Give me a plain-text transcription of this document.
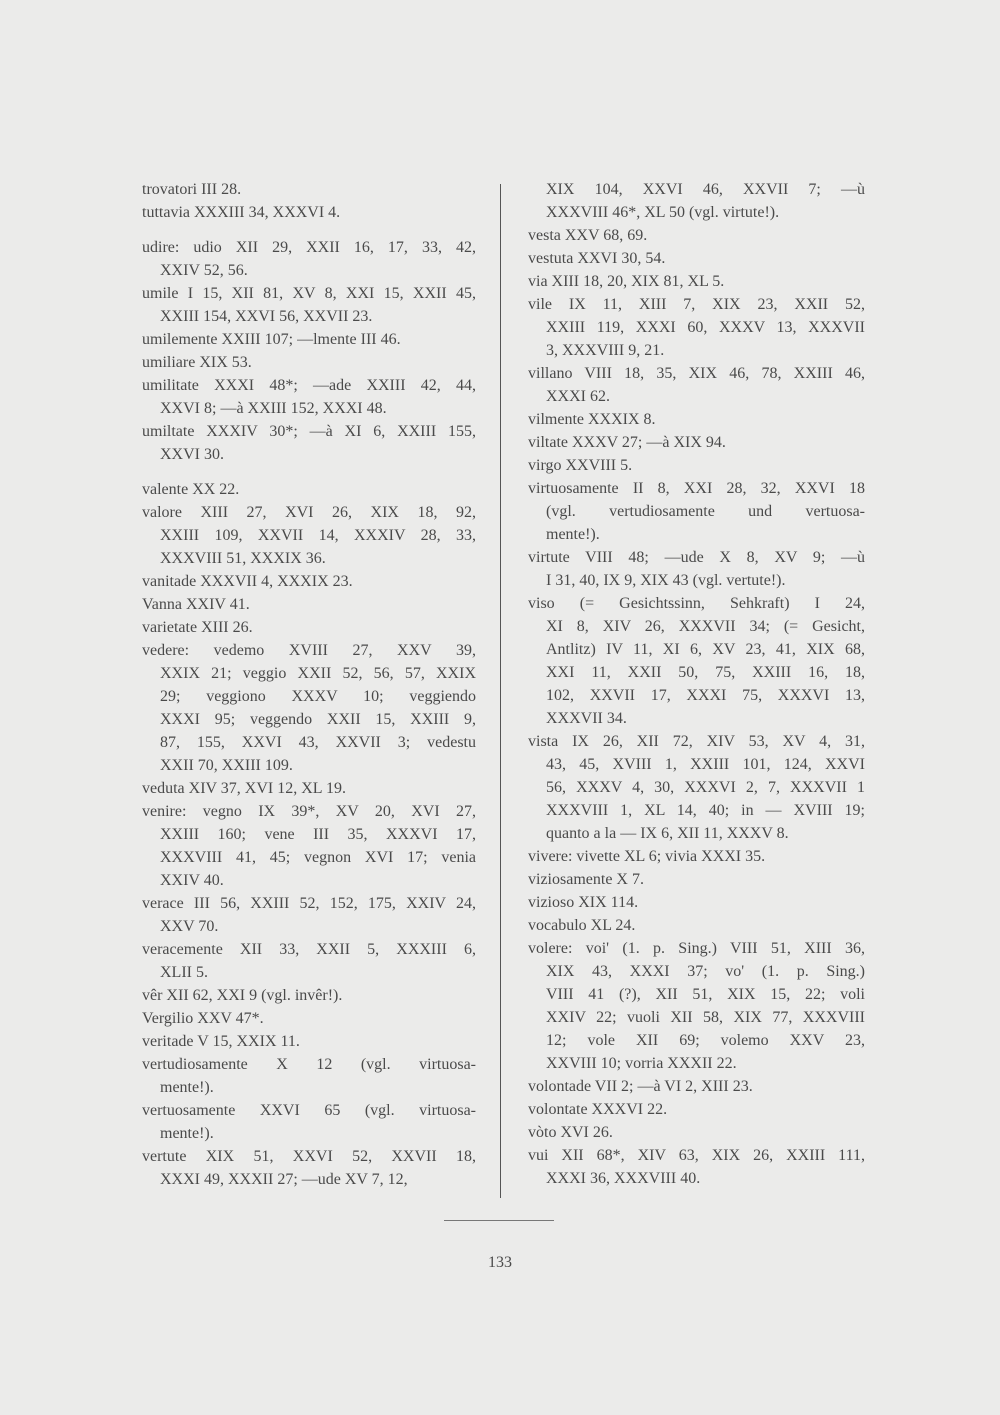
trovatori III 28.
tuttavia XXXIII 34, XXXVI 4.
udire: udio XII 29, XXII 16, 17, 33, 42,
XXIV 52, 56.
umile I 15, XII 81, XV 8, XXI 15, XXII 45,
XXIII 154, XXVI 56, XXVII 23.
umilemente XXIII 107; —lmente III 46.
umiliare XIX 53.
umilitate XXXI 48*; —ade XXIII 42, 44,
XXVI 8; —à XXIII 152, XXXI 48.
umiltate XXXIV 30*; —à XI 6, XXIII 155,
XXVI 30.
valente XX 22.
valore XIII 27, XVI 26, XIX 18, 92,
XXIII 109, XXVII 14, XXXIV 28, 33,
XXXVIII 51, XXXIX 36.
vanitade XXXVII 4, XXXIX 23.
Vanna XXIV 41.
varietate XIII 26.
vedere: vedemo XVIII 27, XXV 39,
XXIX 21; veggio XXII 52, 56, 57, XXIX
29; veggiono XXXV 10; veggiendo
XXXI 95; veggendo XXII 15, XXIII 9,
87, 155, XXVI 43, XXVII 3; vedestu
XXII 70, XXIII 109.
veduta XIV 37, XVI 12, XL 19.
venire: vegno IX 39*, XV 20, XVI 27,
XXIII 160; vene III 35, XXXVI 17,
XXXVIII 41, 45; vegnon XVI 17; venia
XXIV 40.
verace III 56, XXIII 52, 152, 175, XXIV 24,
XXV 70.
veracemente XII 33, XXII 5, XXXIII 6,
XLII 5.
vêr XII 62, XXI 9 (vgl. invêr!).
Vergilio XXV 47*.
veritade V 15, XXIX 11.
vertudiosamente X 12 (vgl. virtuosa-
mente!).
vertuosamente XXVI 65 (vgl. virtuosa-
mente!).
vertute XIX 51, XXVI 52, XXVII 18,
XXXI 49, XXXII 27; —ude XV 7, 12,
XIX 104, XXVI 46, XXVII 7; —ù
XXXVIII 46*, XL 50 (vgl. virtute!).
vesta XXV 68, 69.
vestuta XXVI 30, 54.
via XIII 18, 20, XIX 81, XL 5.
vile IX 11, XIII 7, XIX 23, XXII 52,
XXIII 119, XXXI 60, XXXV 13, XXXVII
3, XXXVIII 9, 21.
villano VIII 18, 35, XIX 46, 78, XXIII 46,
XXXI 62.
vilmente XXXIX 8.
viltate XXXV 27; —à XIX 94.
virgo XXVIII 5.
virtuosamente II 8, XXI 28, 32, XXVI 18
(vgl. vertudiosamente und vertuosa-
mente!).
virtute VIII 48; —ude X 8, XV 9; —ù
I 31, 40, IX 9, XIX 43 (vgl. vertute!).
viso (= Gesichtssinn, Sehkraft) I 24,
XI 8, XIV 26, XXXVII 34; (= Gesicht,
Antlitz) IV 11, XI 6, XV 23, 41, XIX 68,
XXI 11, XXII 50, 75, XXIII 16, 18,
102, XXVII 17, XXXI 75, XXXVI 13,
XXXVII 34.
vista IX 26, XII 72, XIV 53, XV 4, 31,
43, 45, XVIII 1, XXIII 101, 124, XXVI
56, XXXV 4, 30, XXXVI 2, 7, XXXVII 1
XXXVIII 1, XL 14, 40; in — XVIII 19;
quanto a la — IX 6, XII 11, XXXV 8.
vivere: vivette XL 6; vivia XXXI 35.
viziosamente X 7.
vizioso XIX 114.
vocabulo XL 24.
volere: voi' (1. p. Sing.) VIII 51, XIII 36,
XIX 43, XXXI 37; vo' (1. p. Sing.)
VIII 41 (?), XII 51, XIX 15, 22; voli
XXIV 22; vuoli XII 58, XIX 77, XXXVIII
12; vole XII 69; volemo XXV 23,
XXVIII 10; vorria XXXII 22.
volontade VII 2; —à VI 2, XIII 23.
volontate XXXVI 22.
vòto XVI 26.
vui XII 68*, XIV 63, XIX 26, XXIII 111,
XXXI 36, XXXVIII 40.
133
